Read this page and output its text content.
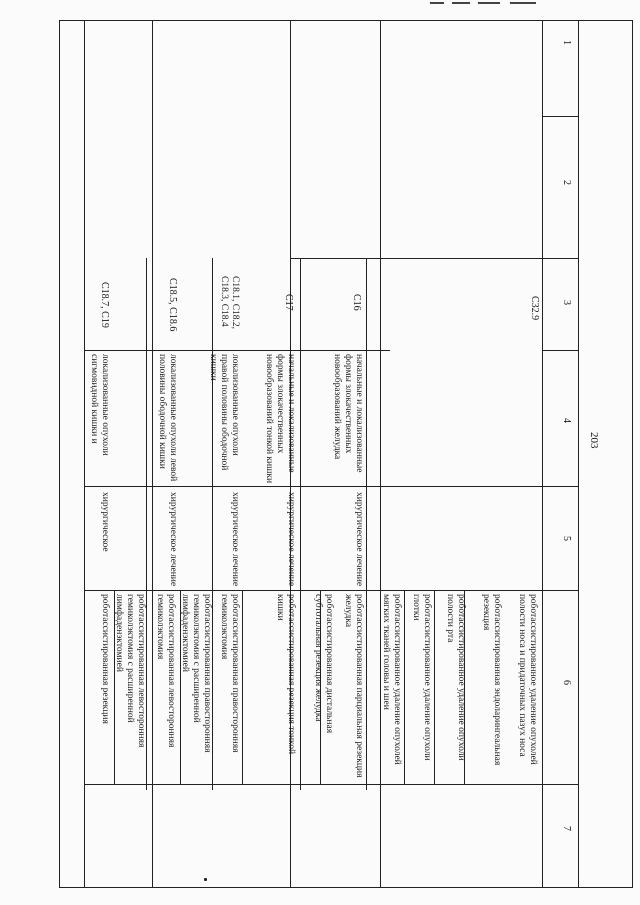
1
2
3
4
5
6
7
203
C32.9
роботассистированное удаление опухолей полости носа и придаточных пазух носа
роботассистированная эндоларингеальная резекция
роботассистированное удаление опухоли полости рта
роботассистированное удаление опухоли глотки
роботассистированное удаление опухолей мягких тканей головы и шеи
C16
начальные и локализованные формы злокачественных новообразований желудка
хирургическое лечение
роботассистированная парциальная резекция желудка
роботассистированная дистальная субтотальная резекция желудка
C17
начальные и локализованные формы злокачественных новообразований тонкой кишки
хирургическое лечение
роботассистированная резекция тонкой кишки
C18.1, C18.2, C18.3, C18.4
локализованные опухоли правой половины ободочной кишки
хирургическое лечение
роботассистированная правосторонняя гемиколэктомия
роботассистированная правосторонняя гемиколэктомия с расширенной лимфаденэктомией
C18.5, C18.6
локализованные опухоли левой половины ободочной кишки
хирургическое лечение
роботассистированная левосторонняя гемиколэктомия
роботассистированная левосторонняя гемиколэктомия с расширенной лимфаденэктомией
C18.7, C19
локализованные опухоли сигмовидной кишки и
хирургическое
роботассистированная резекция
